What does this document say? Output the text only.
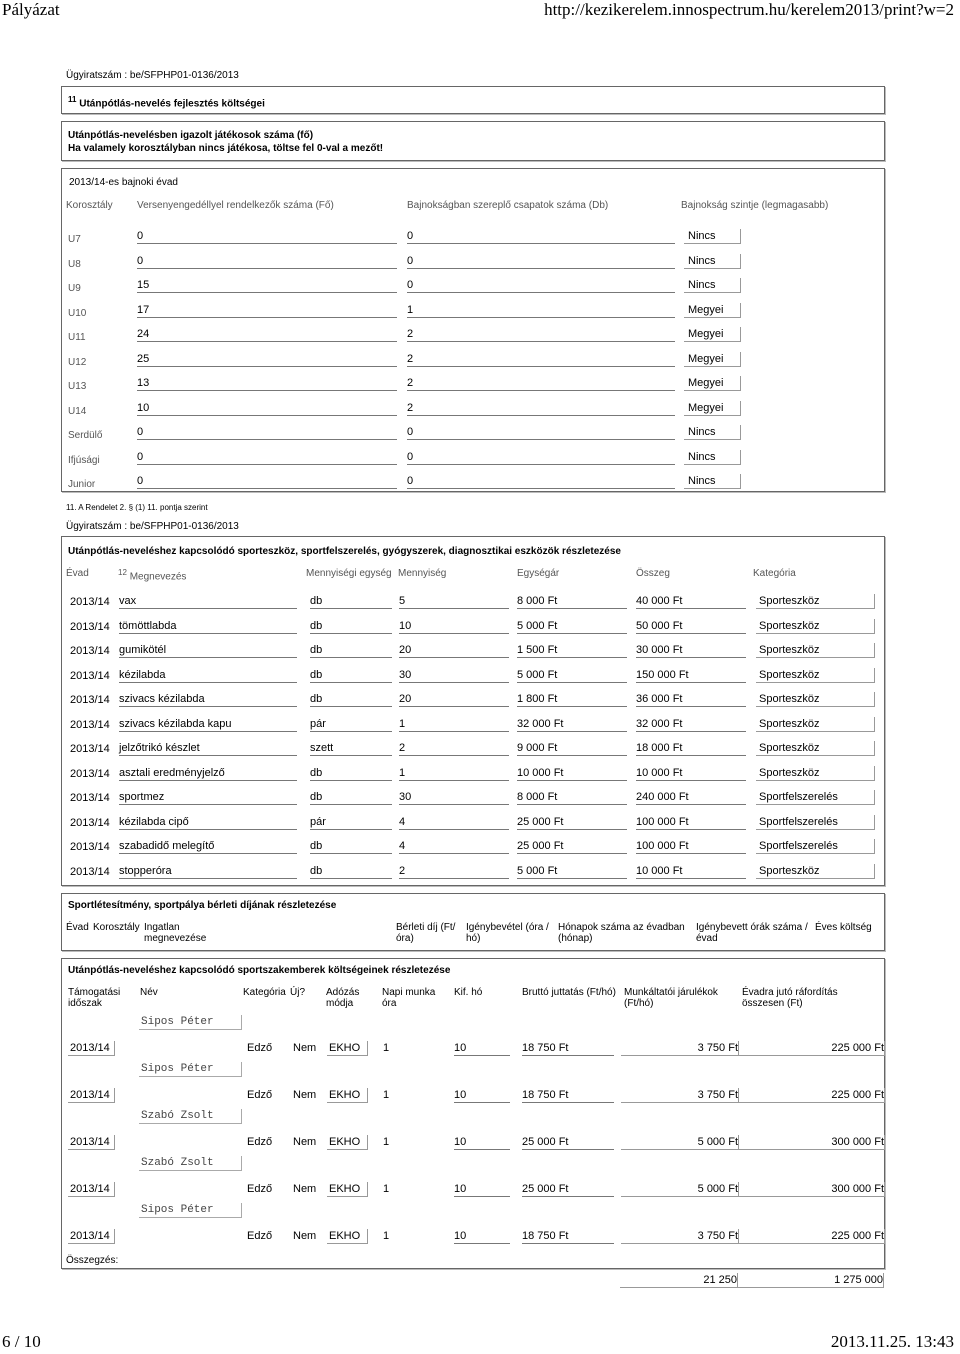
Pályázat	http://kezikerelem.innospectrum.hu/kerelem2013/print?w=2
Ügyiratszám : be/SFPHP01-0136/2013
$^{11}$ Utánpótlás-nevelés fejlesztés költségei
Utánpótlás-nevelésben igazolt játékosok száma (fő)
Ha valamely korosztályban nincs játékosa, töltse fel 0-val a mezőt!
2013/14-es bajnoki évad
Korosztály Versenyengedéllyel rendelkezők száma (Fő)	Bajnokságban szereplő csapatok száma (Db)	Bajnokság szintje (legmagasabb)
U7	0	0	Nincs
U8	0	0	Nincs
U9	15	0	Nincs
U10	17	1	Megyei
U11	24	2	Megyei
U12	25	2	Megyei
U13	13	2	Megyei
U14	10	2	Megyei
Serdülő	0	0	Nincs
Ifjúsági	0	0	Nincs
Junior	0	0	Nincs
11. A Rendelet 2. § (1) 11. pontja szerint
Ügyiratszám : be/SFPHP01-0136/2013
Utánpótlás-neveléshez kapcsolódó sporteszköz, sportfelszerelés, gyógyszerek, diagnosztikai eszközök részletezése
Évad	$^{12}$ Megnevezés	Mennyiségi egység Mennyiség	Egységár	Összeg	Kategória
2013/14 vax	db	5	8 000 Ft	40 000 Ft	Sporteszköz
2013/14 tömöttlabda	db	10	5 000 Ft	50 000 Ft	Sporteszköz
2013/14 gumikötél	db	20	1 500 Ft	30 000 Ft	Sporteszköz
2013/14 kézilabda	db	30	5 000 Ft	150 000 Ft	Sporteszköz
2013/14 szivacs kézilabda	db	20	1 800 Ft	36 000 Ft	Sporteszköz
2013/14 szivacs kézilabda kapu	pár	1	32 000 Ft	32 000 Ft	Sporteszköz
2013/14 jelzőtrikó készlet	szett	2	9 000 Ft	18 000 Ft	Sporteszköz
2013/14 asztali eredményjelző	db	1	10 000 Ft	10 000 Ft	Sporteszköz
2013/14 sportmez	db	30	8 000 Ft	240 000 Ft	Sportfelszerelés
2013/14 kézilabda cipő	pár	4	25 000 Ft	100 000 Ft	Sportfelszerelés
2013/14 szabadidő melegítő	db	4	25 000 Ft	100 000 Ft	Sportfelszerelés
2013/14 stopperóra	db	2	5 000 Ft	10 000 Ft	Sporteszköz
Sportlétesítmény, sportpálya bérleti díjának részletezése
Évad Korosztály Ingatlan megnevezése
Bérleti díj (Ft/óra)
Igénybevétel (óra / hó)
Hónapok száma az évadban (hónap)
Igénybevett órák száma / évad
Éves költség
Utánpótlás-neveléshez kapcsolódó sportszakemberek költségeinek részletezése
Támogatási időszak
Név	Kategória Új? Adózás módja
Napi munka óra
Kif. hó	Bruttó juttatás (Ft/hó) Munkáltatói járulékok (Ft/hó)
Évadra jutó ráfordítás összesen (Ft)
Sipos Péter
2013/14	Edző Nem EKHO	1	10	18 750 Ft	3 750 Ft	225 000 Ft
Sipos Péter
2013/14	Edző Nem EKHO	1	10	18 750 Ft	3 750 Ft	225 000 Ft
Szabó Zsolt
2013/14	Edző Nem EKHO	1	10	25 000 Ft	5 000 Ft	300 000 Ft
Szabó Zsolt
2013/14	Edző Nem EKHO	1	10	25 000 Ft	5 000 Ft	300 000 Ft
Sipos Péter
2013/14	Edző Nem EKHO	1	10	18 750 Ft	3 750 Ft	225 000 Ft
Összegzés:
21 250	1 275 000
6 / 10	2013.11.25. 13:43
